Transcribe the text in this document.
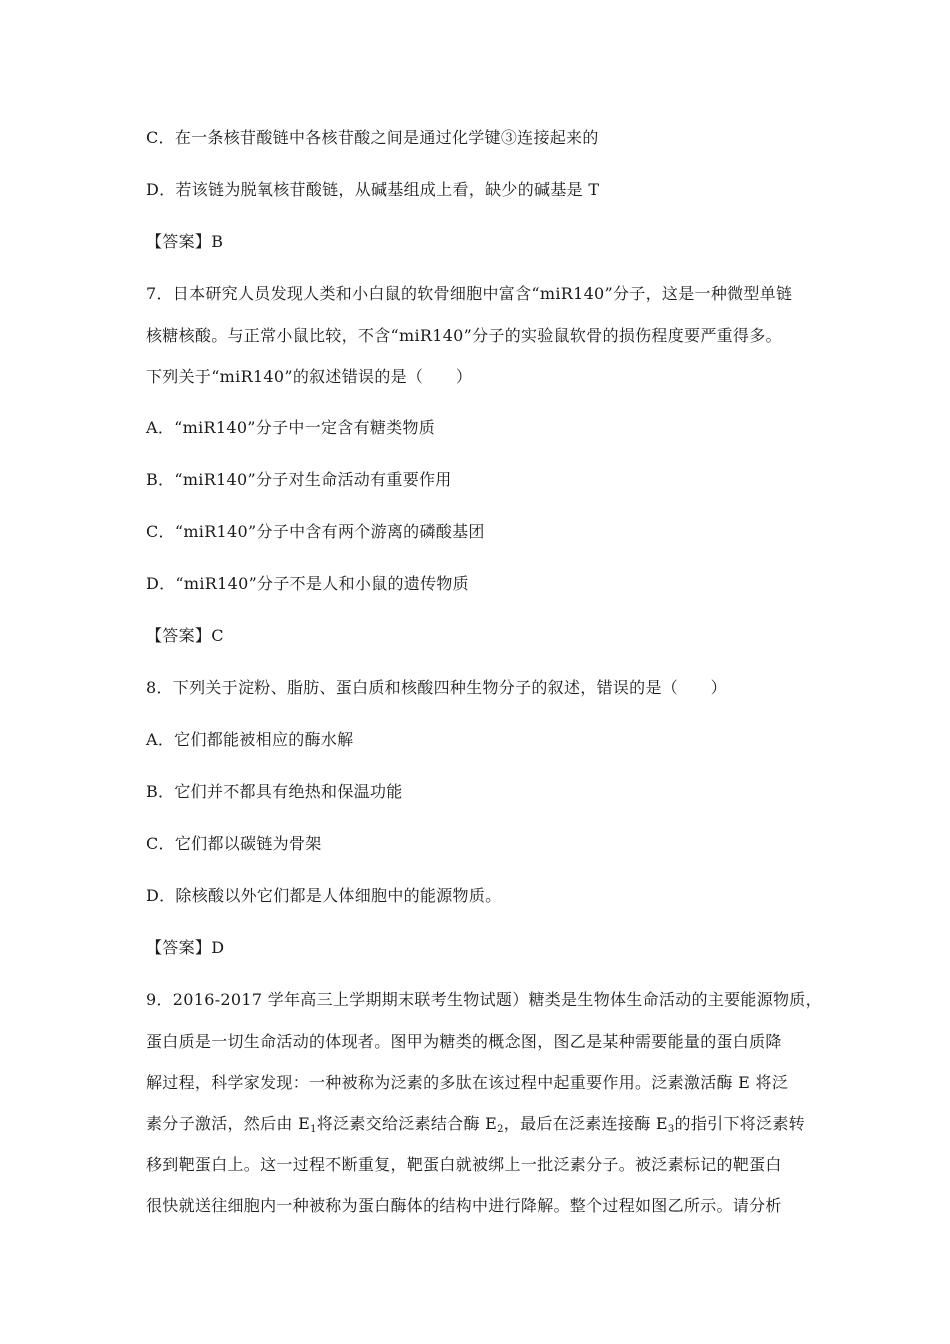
C．在一条核苷酸链中各核苷酸之间是通过化学键③连接起来的
D．若该链为脱氧核苷酸链，从碱基组成上看，缺少的碱基是 T
【答案】B
7．日本研究人员发现人类和小白鼠的软骨细胞中富含“miR140”分子，这是一种微型单链
核糖核酸。与正常小鼠比较，不含“miR140”分子的实验鼠软骨的损伤程度要严重得多。
下列关于“miR140”的叙述错误的是（　　）
A．“miR140”分子中一定含有糖类物质
B．“miR140”分子对生命活动有重要作用
C．“miR140”分子中含有两个游离的磷酸基团
D．“miR140”分子不是人和小鼠的遗传物质
【答案】C
8．下列关于淀粉、脂肪、蛋白质和核酸四种生物分子的叙述，错误的是（　　）
A．它们都能被相应的酶水解
B．它们并不都具有绝热和保温功能
C．它们都以碳链为骨架
D．除核酸以外它们都是人体细胞中的能源物质。
【答案】D
9．2016-2017 学年高三上学期期末联考生物试题）糖类是生物体生命活动的主要能源物质，
蛋白质是一切生命活动的体现者。图甲为糖类的概念图，图乙是某种需要能量的蛋白质降
解过程，科学家发现：一种被称为泛素的多肽在该过程中起重要作用。泛素激活酶 E 将泛
素分子激活，然后由 $E_1$将泛素交给泛素结合酶 $E_2$，最后在泛素连接酶 $E_3$的指引下将泛素转
移到靶蛋白上。这一过程不断重复，靶蛋白就被绑上一批泛素分子。被泛素标记的靶蛋白
很快就送往细胞内一种被称为蛋白酶体的结构中进行降解。整个过程如图乙所示。请分析
